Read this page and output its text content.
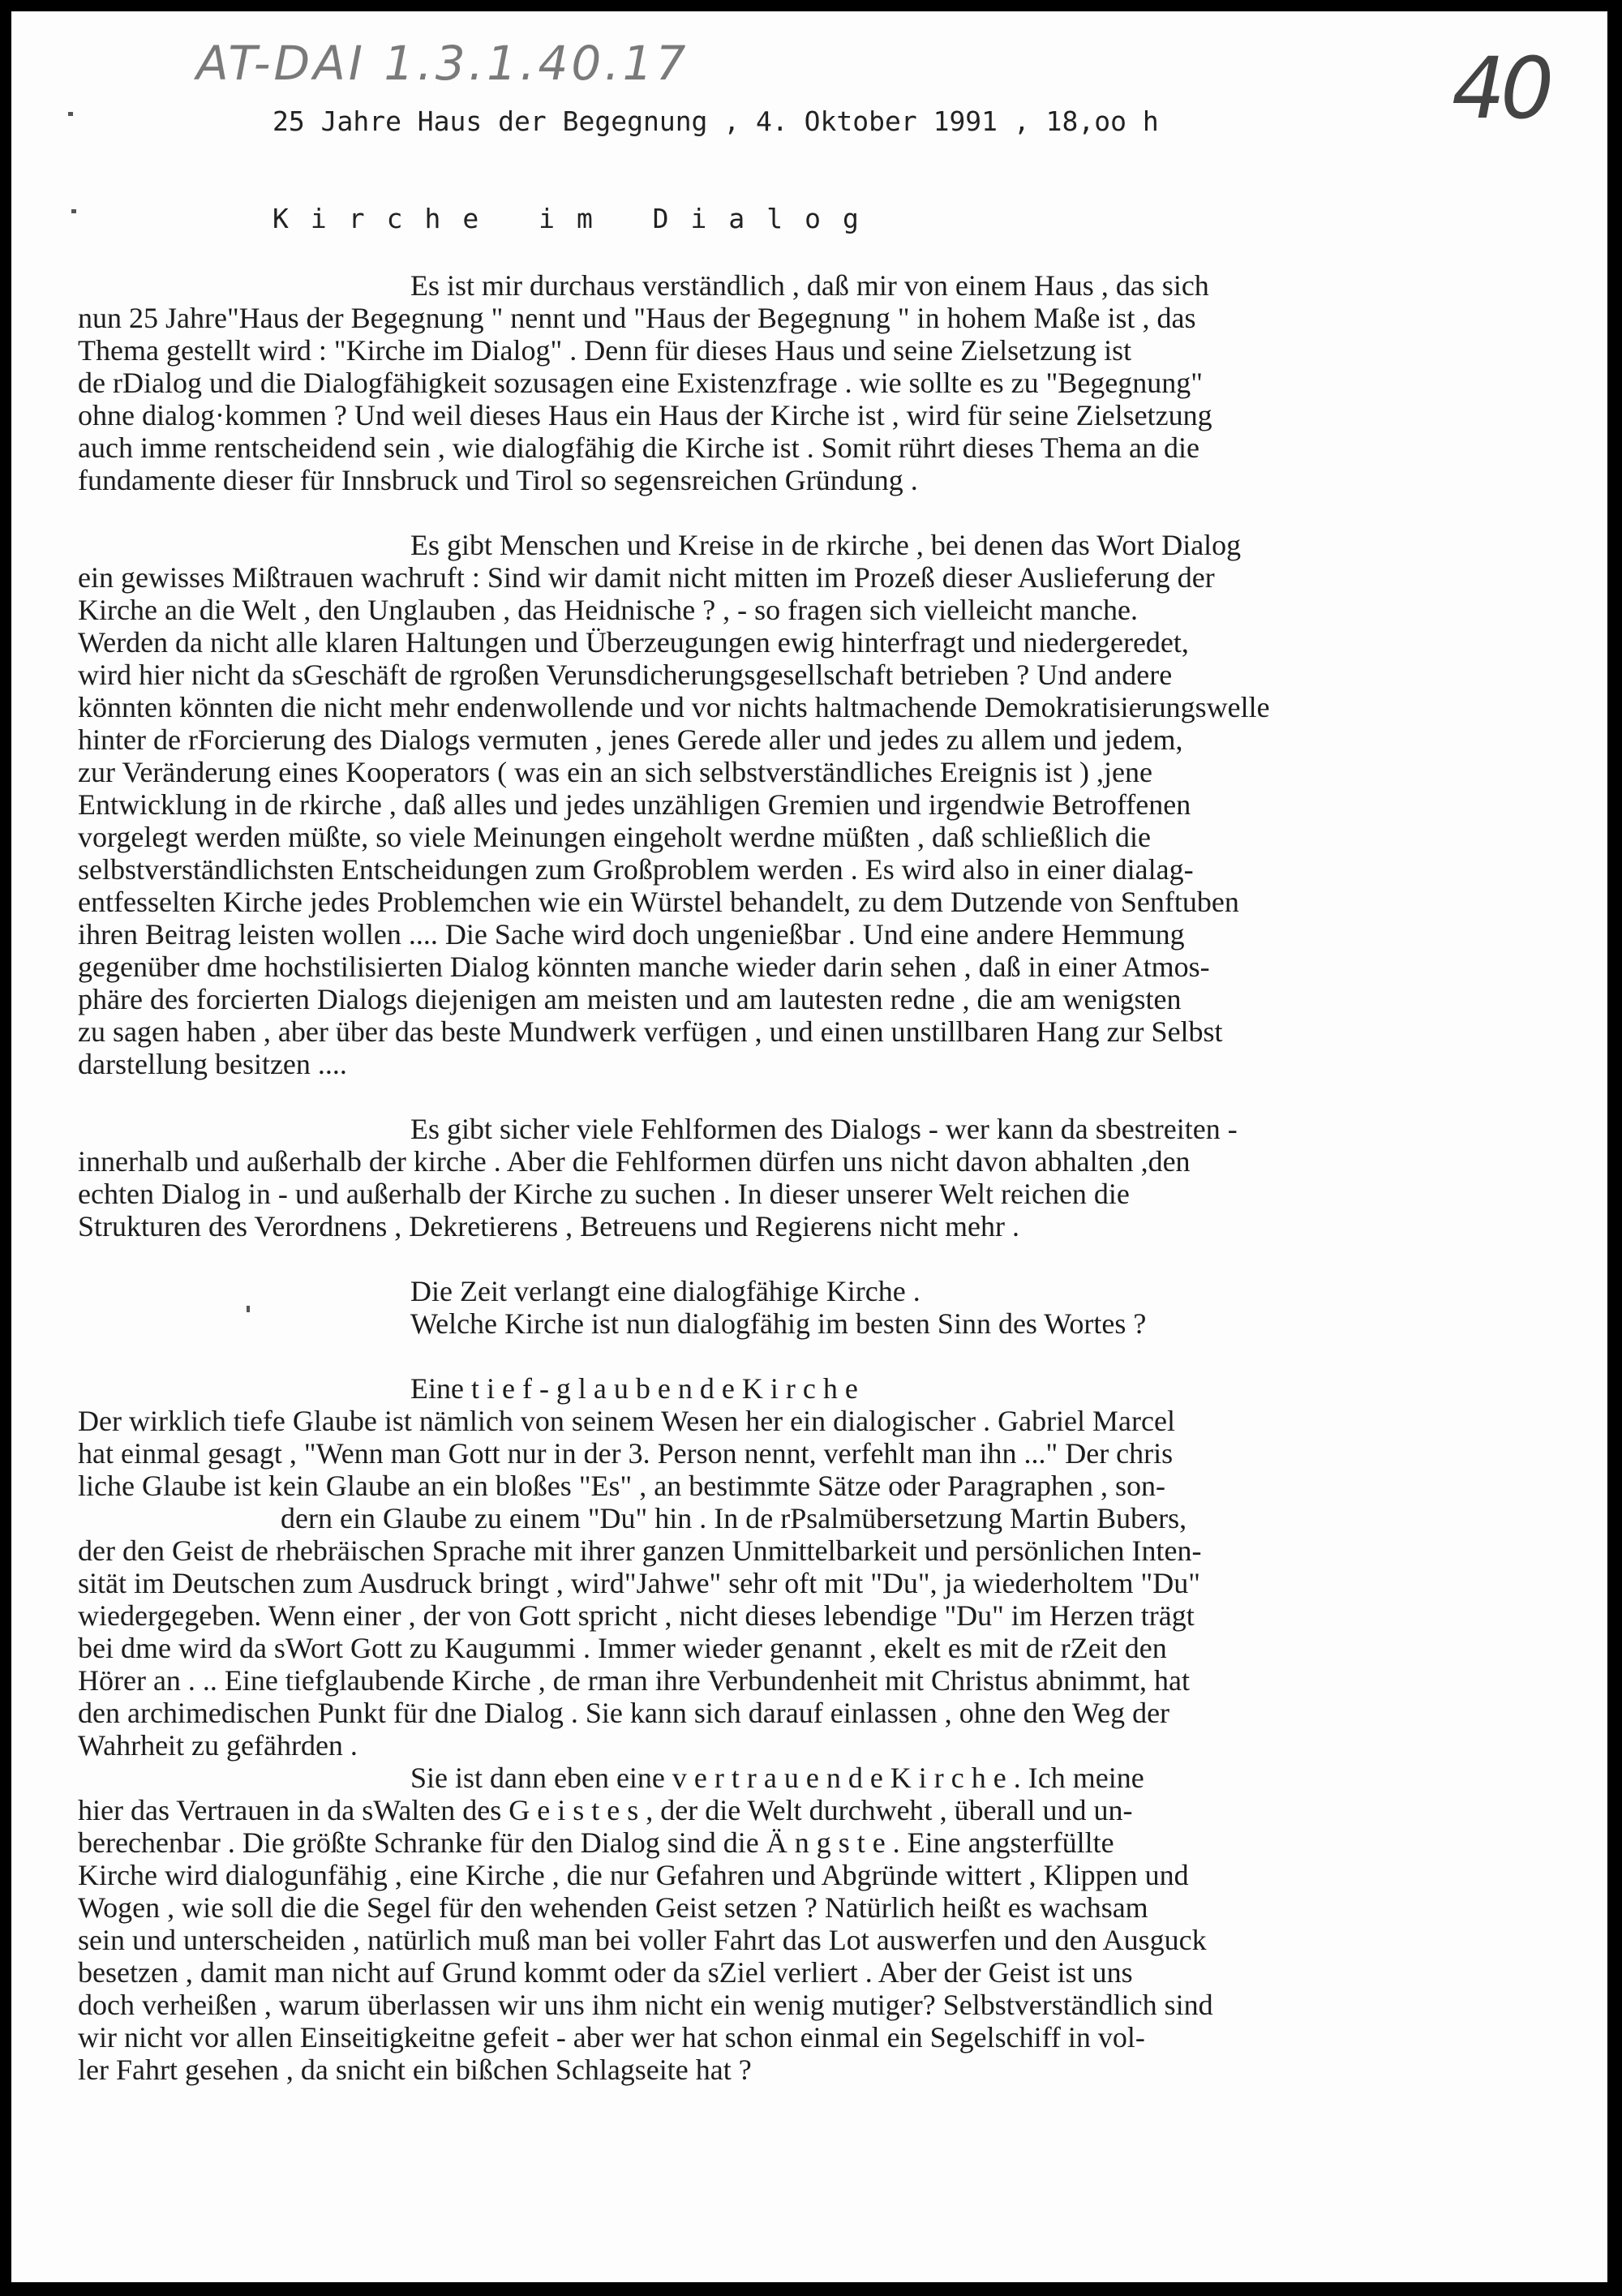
AT-DAI 1.3.1.40.17	40
25 Jahre Haus der Begegnung , 4. Oktober 1991 , 18,oo h
Kirche im Dialog
Es ist mir durchaus verständlich , daß mir von einem Haus , das sich
nun 25 Jahre"Haus der Begegnung " nennt und "Haus der Begegnung " in hohem Maße ist , das
Thema gestellt wird : "Kirche im Dialog" . Denn für dieses Haus und seine Zielsetzung ist
de rDialog und die Dialogfähigkeit sozusagen eine Existenzfrage . wie sollte es zu "Begegnung"
ohne dialog·kommen ? Und weil dieses Haus ein Haus der Kirche ist , wird für seine Zielsetzung
auch imme rentscheidend sein , wie dialogfähig die Kirche ist . Somit rührt dieses Thema an die
fundamente dieser für Innsbruck und Tirol so segensreichen Gründung .
Es gibt Menschen und Kreise in de rkirche , bei denen das Wort Dialog
ein gewisses Mißtrauen wachruft : Sind wir damit nicht mitten im Prozeß dieser Auslieferung der
Kirche an die Welt , den Unglauben , das Heidnische ? , - so fragen sich vielleicht manche.
Werden da nicht alle klaren Haltungen und Überzeugungen ewig hinterfragt und niedergeredet,
wird hier nicht da sGeschäft de rgroßen Verunsdicherungsgesellschaft betrieben ? Und andere
könnten könnten die nicht mehr endenwollende und vor nichts haltmachende Demokratisierungswelle
hinter de rForcierung des Dialogs vermuten , jenes Gerede aller und jedes zu allem und jedem,
zur Veränderung eines Kooperators ( was ein an sich selbstverständliches Ereignis ist ) ,jene
Entwicklung in de rkirche , daß alles und jedes unzähligen Gremien und irgendwie Betroffenen
vorgelegt werden müßte, so viele Meinungen eingeholt werdne müßten , daß schließlich die
selbstverständlichsten Entscheidungen zum Großproblem werden . Es wird also in einer dialag-
entfesselten Kirche jedes Problemchen wie ein Würstel behandelt, zu dem Dutzende von Senftuben
ihren Beitrag leisten wollen .... Die Sache wird doch ungenießbar . Und eine andere Hemmung
gegenüber dme hochstilisierten Dialog könnten manche wieder darin sehen , daß in einer Atmos-
phäre des forcierten Dialogs diejenigen am meisten und am lautesten redne , die am wenigsten
zu sagen haben , aber über das beste Mundwerk verfügen , und einen unstillbaren Hang zur Selbst
darstellung besitzen ....
Es gibt sicher viele Fehlformen des Dialogs - wer kann da sbestreiten -
innerhalb und außerhalb der kirche . Aber die Fehlformen dürfen uns nicht davon abhalten ,den
echten Dialog in - und außerhalb der Kirche zu suchen . In dieser unserer Welt reichen die
Strukturen des Verordnens , Dekretierens , Betreuens und Regierens nicht mehr .
Die Zeit verlangt eine dialogfähige Kirche .
Welche Kirche ist nun dialogfähig im besten Sinn des Wortes ?
Eine t i e f - g l a u b e n d e K i r c h e
Der wirklich tiefe Glaube ist nämlich von seinem Wesen her ein dialogischer . Gabriel Marcel
hat einmal gesagt , "Wenn man Gott nur in der 3. Person nennt, verfehlt man ihn ..." Der chris
liche Glaube ist kein Glaube an ein bloßes "Es" , an bestimmte Sätze oder Paragraphen , son-
dern ein Glaube zu einem "Du" hin . In de rPsalmübersetzung Martin Bubers,
der den Geist de rhebräischen Sprache mit ihrer ganzen Unmittelbarkeit und persönlichen Inten-
sität im Deutschen zum Ausdruck bringt , wird"Jahwe" sehr oft mit "Du", ja wiederholtem "Du"
wiedergegeben. Wenn einer , der von Gott spricht , nicht dieses lebendige "Du" im Herzen trägt
bei dme wird da sWort Gott zu Kaugummi . Immer wieder genannt , ekelt es mit de rZeit den
Hörer an . .. Eine tiefglaubende Kirche , de rman ihre Verbundenheit mit Christus abnimmt, hat
den archimedischen Punkt für dne Dialog . Sie kann sich darauf einlassen , ohne den Weg der
Wahrheit zu gefährden .
Sie ist dann eben eine v e r t r a u e n d e K i r c h e . Ich meine
hier das Vertrauen in da sWalten des G e i s t e s , der die Welt durchweht , überall und un-
berechenbar . Die größte Schranke für den Dialog sind die Ä n g s t e . Eine angsterfüllte
Kirche wird dialogunfähig , eine Kirche , die nur Gefahren und Abgründe wittert , Klippen und
Wogen , wie soll die die Segel für den wehenden Geist setzen ? Natürlich heißt es wachsam
sein und unterscheiden , natürlich muß man bei voller Fahrt das Lot auswerfen und den Ausguck
besetzen , damit man nicht auf Grund kommt oder da sZiel verliert . Aber der Geist ist uns
doch verheißen , warum überlassen wir uns ihm nicht ein wenig mutiger? Selbstverständlich sind
wir nicht vor allen Einseitigkeitne gefeit - aber wer hat schon einmal ein Segelschiff in vol-
ler Fahrt gesehen , da snicht ein bißchen Schlagseite hat ?
